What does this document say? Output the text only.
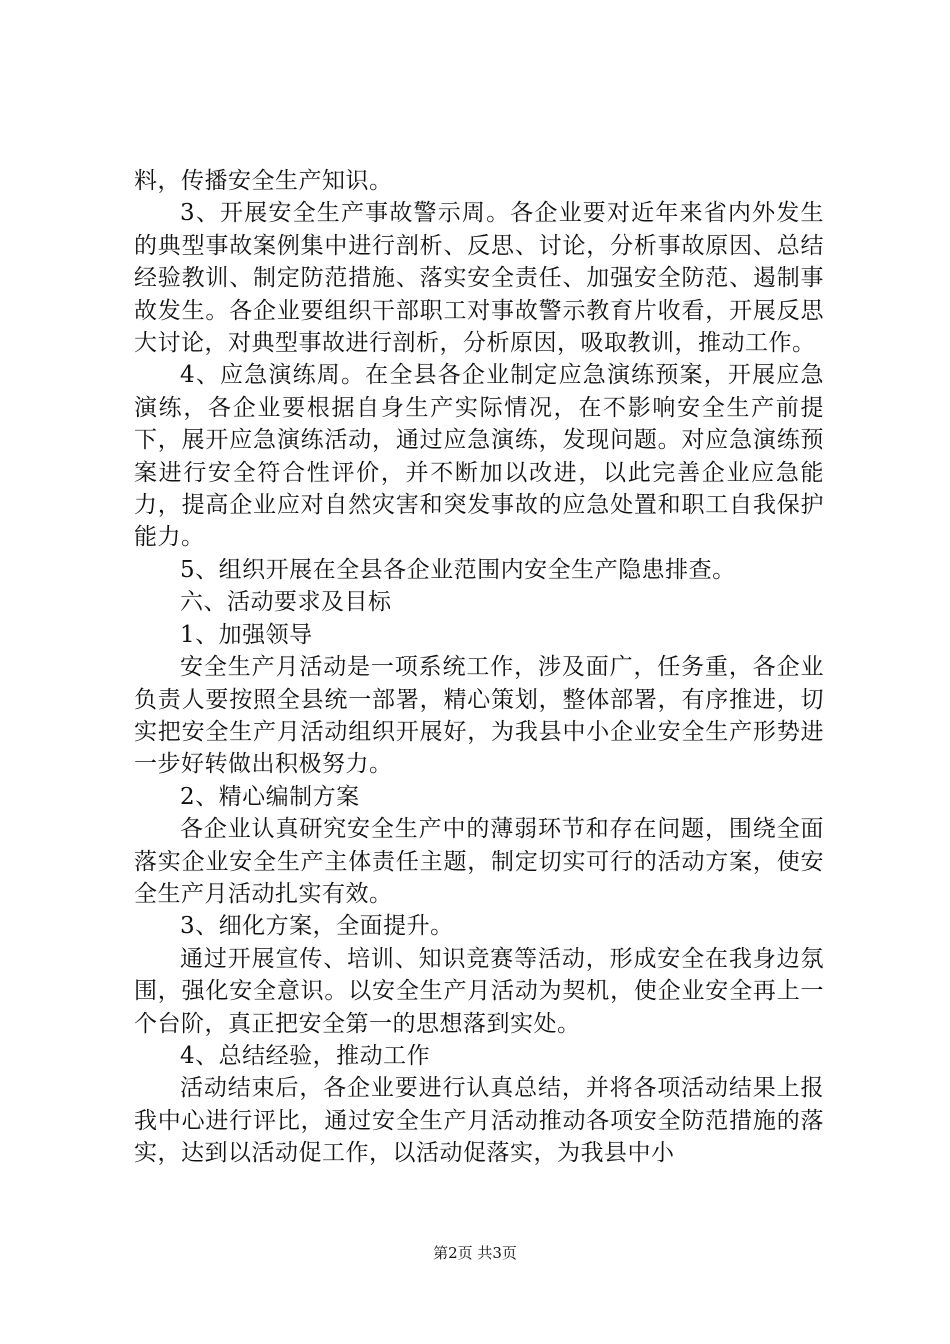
料，传播安全生产知识。

3、开展安全生产事故警示周。各企业要对近年来省内外发生的典型事故案例集中进行剖析、反思、讨论，分析事故原因、总结经验教训、制定防范措施、落实安全责任、加强安全防范、遏制事故发生。各企业要组织干部职工对事故警示教育片收看，开展反思大讨论，对典型事故进行剖析，分析原因，吸取教训，推动工作。

4、应急演练周。在全县各企业制定应急演练预案，开展应急演练，各企业要根据自身生产实际情况，在不影响安全生产前提下，展开应急演练活动，通过应急演练，发现问题。对应急演练预案进行安全符合性评价，并不断加以改进，以此完善企业应急能力，提高企业应对自然灾害和突发事故的应急处置和职工自我保护能力。

5、组织开展在全县各企业范围内安全生产隐患排查。

六、活动要求及目标

1、加强领导

安全生产月活动是一项系统工作，涉及面广，任务重，各企业负责人要按照全县统一部署，精心策划，整体部署，有序推进，切实把安全生产月活动组织开展好，为我县中小企业安全生产形势进一步好转做出积极努力。

2、精心编制方案

各企业认真研究安全生产中的薄弱环节和存在问题，围绕全面落实企业安全生产主体责任主题，制定切实可行的活动方案，使安全生产月活动扎实有效。

3、细化方案，全面提升。

通过开展宣传、培训、知识竞赛等活动，形成安全在我身边氛围，强化安全意识。以安全生产月活动为契机，使企业安全再上一个台阶，真正把安全第一的思想落到实处。

4、总结经验，推动工作

活动结束后，各企业要进行认真总结，并将各项活动结果上报我中心进行评比，通过安全生产月活动推动各项安全防范措施的落实，达到以活动促工作，以活动促落实，为我县中小

第2页 共3页
